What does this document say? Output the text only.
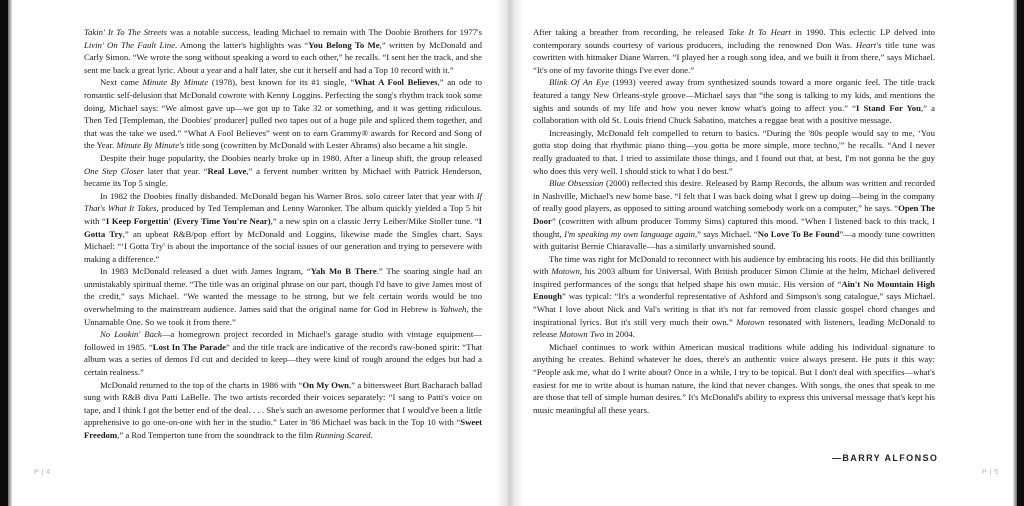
Takin' It To The Streets was a notable success, leading Michael to remain with The Doobie Brothers for 1977's Livin' On The Fault Line. Among the latter's highlights was “You Belong To Me,” written by McDonald and Carly Simon. “We wrote the song without speaking a word to each other,” he recalls. “I sent her the track, and she sent me back a great lyric. About a year and a half later, she cut it herself and had a Top 10 record with it.”

Next came Minute By Minute (1978), best known for its #1 single, “What A Fool Believes,” an ode to romantic self-delusion that McDonald cowrote with Kenny Loggins. Perfecting the song's rhythm track took some doing, Michael says: “We almost gave up—we got up to Take 32 or something, and it was getting ridiculous. Then Ted [Templeman, the Doobies' producer] pulled two tapes out of a huge pile and spliced them together, and that was the take we used.” “What A Fool Believes” went on to earn Grammy® awards for Record and Song of the Year. Minute By Minute's title song (cowritten by McDonald with Lester Abrams) also became a hit single.

Despite their huge popularity, the Doobies nearly broke up in 1980. After a lineup shift, the group released One Step Closer later that year. “Real Love,” a fervent number written by Michael with Patrick Henderson, became its Top 5 single.

In 1982 the Doobies finally disbanded. McDonald began his Warner Bros. solo career later that year with If That's What It Takes, produced by Ted Templeman and Lenny Waronker. The album quickly yielded a Top 5 hit with “I Keep Forgettin' (Every Time You're Near),” a new spin on a classic Jerry Leiber/Mike Stoller tune. “I Gotta Try,” an upbeat R&B/pop effort by McDonald and Loggins, likewise made the Singles chart. Says Michael: “‘I Gotta Try' is about the importance of the social issues of our generation and trying to persevere with making a difference.”

In 1983 McDonald released a duet with James Ingram, “Yah Mo B There.” The soaring single had an unmistakably spiritual theme. “The title was an original phrase on our part, though I'd have to give James most of the credit,” says Michael. “We wanted the message to be strong, but we felt certain words would be too overwhelming to the mainstream audience. James said that the original name for God in Hebrew is Yahweh, the Unnamable One. So we took it from there.”

No Lookin' Back—a homegrown project recorded in Michael's garage studio with vintage equipment—followed in 1985. “Lost In The Parade” and the title track are indicative of the record's raw-boned spirit: “That album was a series of demos I'd cut and decided to keep—they were kind of rough around the edges but had a certain realness.”

McDonald returned to the top of the charts in 1986 with “On My Own,” a bittersweet Burt Bacharach ballad sung with R&B diva Patti LaBelle. The two artists recorded their voices separately: “I sang to Patti's voice on tape, and I think I got the better end of the deal. . . . She's such an awesome performer that I would've been a little apprehensive to go one-on-one with her in the studio.” Later in '86 Michael was back in the Top 10 with “Sweet Freedom,” a Rod Temperton tune from the soundtrack to the film Running Scared.

After taking a breather from recording, he released Take It To Heart in 1990. This eclectic LP delved into contemporary sounds courtesy of various producers, including the renowned Don Was. Heart's title tune was cowritten with hitmaker Diane Warren. “I played her a rough song idea, and we built it from there,” says Michael. “It's one of my favorite things I've ever done.”

Blink Of An Eye (1993) veered away from synthesized sounds toward a more organic feel. The title track featured a tangy New Orleans-style groove—Michael says that “the song is talking to my kids, and mentions the sights and sounds of my life and how you never know what's going to affect you.” “I Stand For You,” a collaboration with old St. Louis friend Chuck Sabatino, matches a reggae beat with a positive message.

Increasingly, McDonald felt compelled to return to basics. “During the '80s people would say to me, ‘You gotta stop doing that rhythmic piano thing—you gotta be more simple, more techno,'” he recalls. “And I never really graduated to that. I tried to assimilate those things, and I found out that, at best, I'm not gonna be the guy who does this very well. I should stick to what I do best.”

Blue Obsession (2000) reflected this desire. Released by Ramp Records, the album was written and recorded in Nashville, Michael's new home base. “I felt that I was back doing what I grew up doing—being in the company of really good players, as opposed to sitting around watching somebody work on a computer,” he says. “Open The Door” (cowritten with album producer Tommy Sims) captured this mood. “When I listened back to this track, I thought, I'm speaking my own language again,” says Michael. “No Love To Be Found”—a moody tune cowritten with guitarist Bernie Chiaravalle—has a similarly unvarnished sound.

The time was right for McDonald to reconnect with his audience by embracing his roots. He did this brilliantly with Motown, his 2003 album for Universal. With British producer Simon Climie at the helm, Michael delivered inspired performances of the songs that helped shape his own music. His version of “Ain't No Mountain High Enough” was typical: “It's a wonderful representative of Ashford and Simpson's song catalogue,” says Michael. “What I love about Nick and Val's writing is that it's not far removed from classic gospel chord changes and inspirational lyrics. But it's still very much their own.” Motown resonated with listeners, leading McDonald to release Motown Two in 2004.

Michael continues to work within American musical traditions while adding his individual signature to anything he creates. Behind whatever he does, there's an authentic voice always present. He puts it this way: “People ask me, what do I write about? Once in a while, I try to be topical. But I don't deal with specifics—what's easiest for me to write about is human nature, the kind that never changes. With songs, the ones that speak to me are those that tell of simple human desires.” It's McDonald's ability to express this universal message that's kept his music meaningful all these years.

—BARRY ALFONSO
P | 4	P | 5
